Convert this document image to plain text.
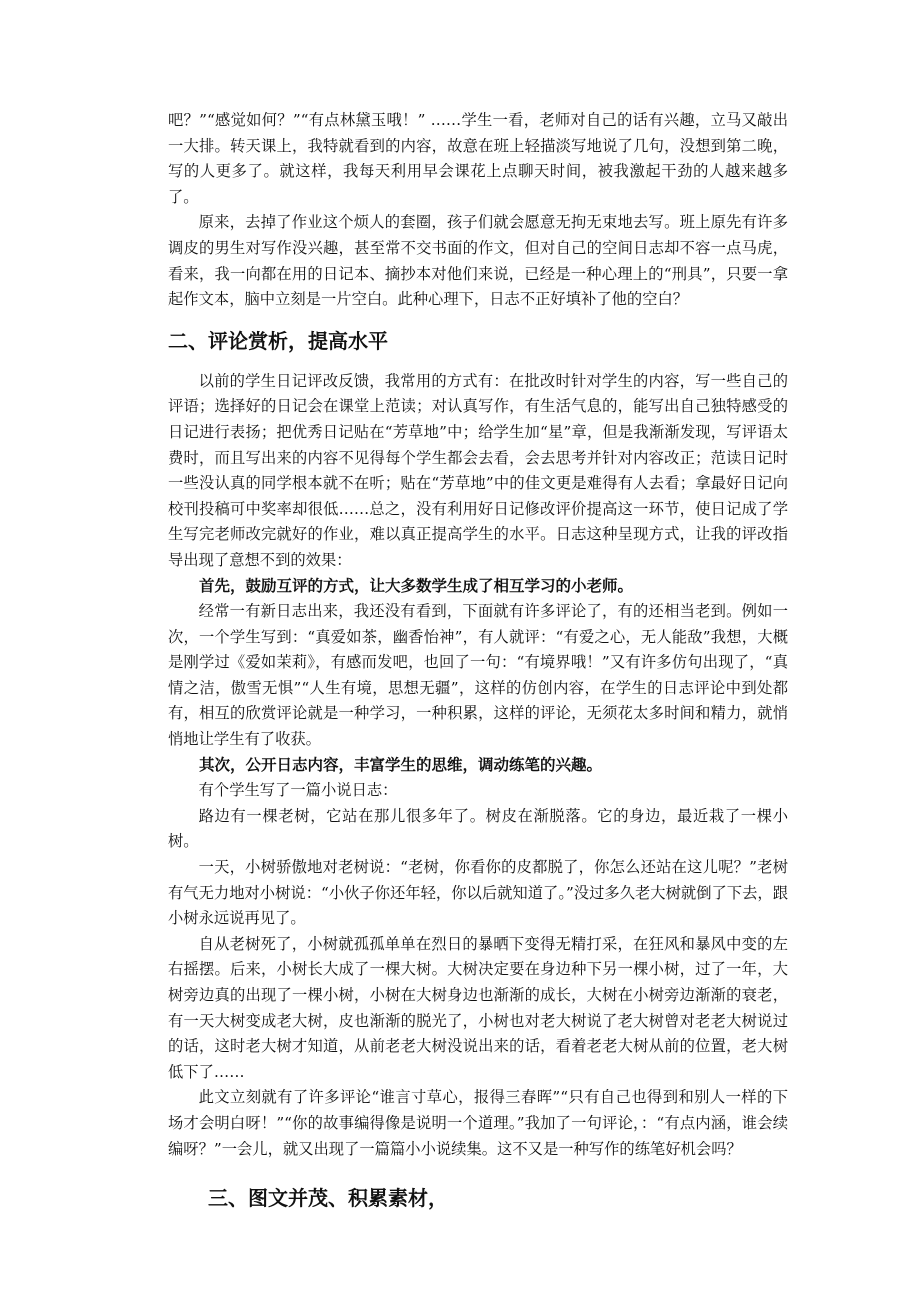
吧？”“感觉如何？”“有点林黛玉哦！” ……学生一看，老师对自己的话有兴趣，立马又敲出一大排。转天课上，我特就看到的内容，故意在班上轻描淡写地说了几句，没想到第二晚，写的人更多了。就这样，我每天利用早会课花上点聊天时间，被我激起干劲的人越来越多了。

原来，去掉了作业这个烦人的套圈，孩子们就会愿意无拘无束地去写。班上原先有许多调皮的男生对写作没兴趣，甚至常不交书面的作文，但对自己的空间日志却不容一点马虎，看来，我一向都在用的日记本、摘抄本对他们来说，已经是一种心理上的“刑具”，只要一拿起作文本，脑中立刻是一片空白。此种心理下，日志不正好填补了他的空白？

二、评论赏析，提高水平

以前的学生日记评改反馈，我常用的方式有：在批改时针对学生的内容，写一些自己的评语；选择好的日记会在课堂上范读；对认真写作，有生活气息的，能写出自己独特感受的日记进行表扬；把优秀日记贴在“芳草地”中；给学生加“星”章，但是我渐渐发现，写评语太费时，而且写出来的内容不见得每个学生都会去看，会去思考并针对内容改正；范读日记时一些没认真的同学根本就不在听；贴在“芳草地”中的佳文更是难得有人去看；拿最好日记向校刊投稿可中奖率却很低……总之，没有利用好日记修改评价提高这一环节，使日记成了学生写完老师改完就好的作业，难以真正提高学生的水平。日志这种呈现方式，让我的评改指导出现了意想不到的效果：

首先，鼓励互评的方式，让大多数学生成了相互学习的小老师。

经常一有新日志出来，我还没有看到，下面就有许多评论了，有的还相当老到。例如一次，一个学生写到：“真爱如茶，幽香怡神”，有人就评：“有爱之心，无人能敌”我想，大概是刚学过《爱如茉莉》，有感而发吧，也回了一句：“有境界哦！”又有许多仿句出现了，“真情之洁，傲雪无惧”“人生有境，思想无疆”，这样的仿创内容，在学生的日志评论中到处都有，相互的欣赏评论就是一种学习，一种积累，这样的评论，无须花太多时间和精力，就悄悄地让学生有了收获。

其次，公开日志内容，丰富学生的思维，调动练笔的兴趣。

有个学生写了一篇小说日志：

路边有一棵老树，它站在那儿很多年了。树皮在渐脱落。它的身边，最近栽了一棵小树。

一天，小树骄傲地对老树说：“老树，你看你的皮都脱了，你怎么还站在这儿呢？”老树有气无力地对小树说：“小伙子你还年轻，你以后就知道了。”没过多久老大树就倒了下去，跟小树永远说再见了。

自从老树死了，小树就孤孤单单在烈日的暴晒下变得无精打采，在狂风和暴风中变的左右摇摆。后来，小树长大成了一棵大树。大树决定要在身边种下另一棵小树，过了一年，大树旁边真的出现了一棵小树，小树在大树身边也渐渐的成长，大树在小树旁边渐渐的衰老，有一天大树变成老大树，皮也渐渐的脱光了，小树也对老大树说了老大树曾对老老大树说过的话，这时老大树才知道，从前老老大树没说出来的话，看着老老大树从前的位置，老大树低下了……

此文立刻就有了许多评论“谁言寸草心，报得三春晖”“只有自己也得到和别人一样的下场才会明白呀！”“你的故事编得像是说明一个道理。”我加了一句评论，：“有点内涵，谁会续编呀？”一会儿，就又出现了一篇篇小小说续集。这不又是一种写作的练笔好机会吗？

三、图文并茂、积累素材，
